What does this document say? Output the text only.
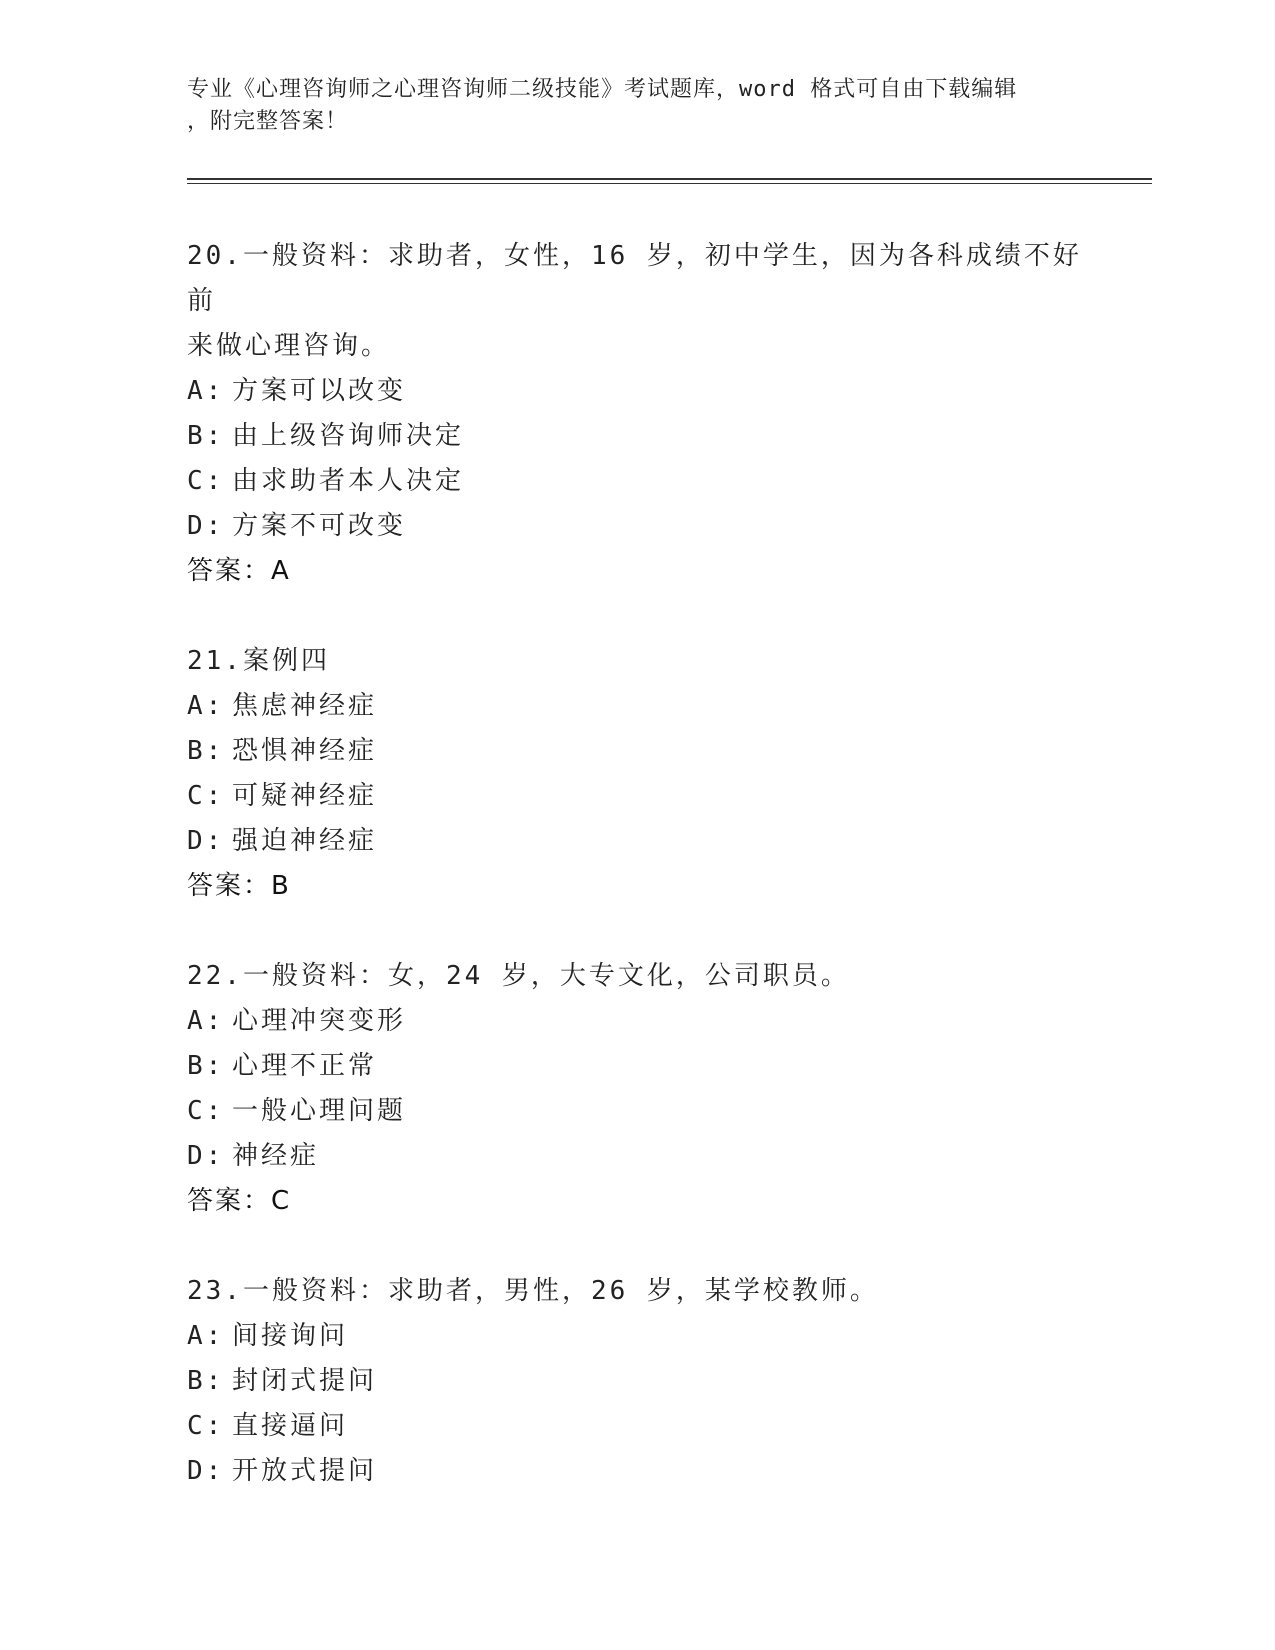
专业《心理咨询师之心理咨询师二级技能》考试题库，word 格式可自由下载编辑
，附完整答案！
20.一般资料：求助者，女性，16 岁，初中学生，因为各科成绩不好前
来做心理咨询。
A: 方案可以改变
B: 由上级咨询师决定
C: 由求助者本人决定
D: 方案不可改变
答案：A
21.案例四
A: 焦虑神经症
B: 恐惧神经症
C: 可疑神经症
D: 强迫神经症
答案：B
22.一般资料：女，24 岁，大专文化，公司职员。
A: 心理冲突变形
B: 心理不正常
C: 一般心理问题
D: 神经症
答案：C
23.一般资料：求助者，男性，26 岁，某学校教师。
A: 间接询问
B: 封闭式提问
C: 直接逼问
D: 开放式提问
